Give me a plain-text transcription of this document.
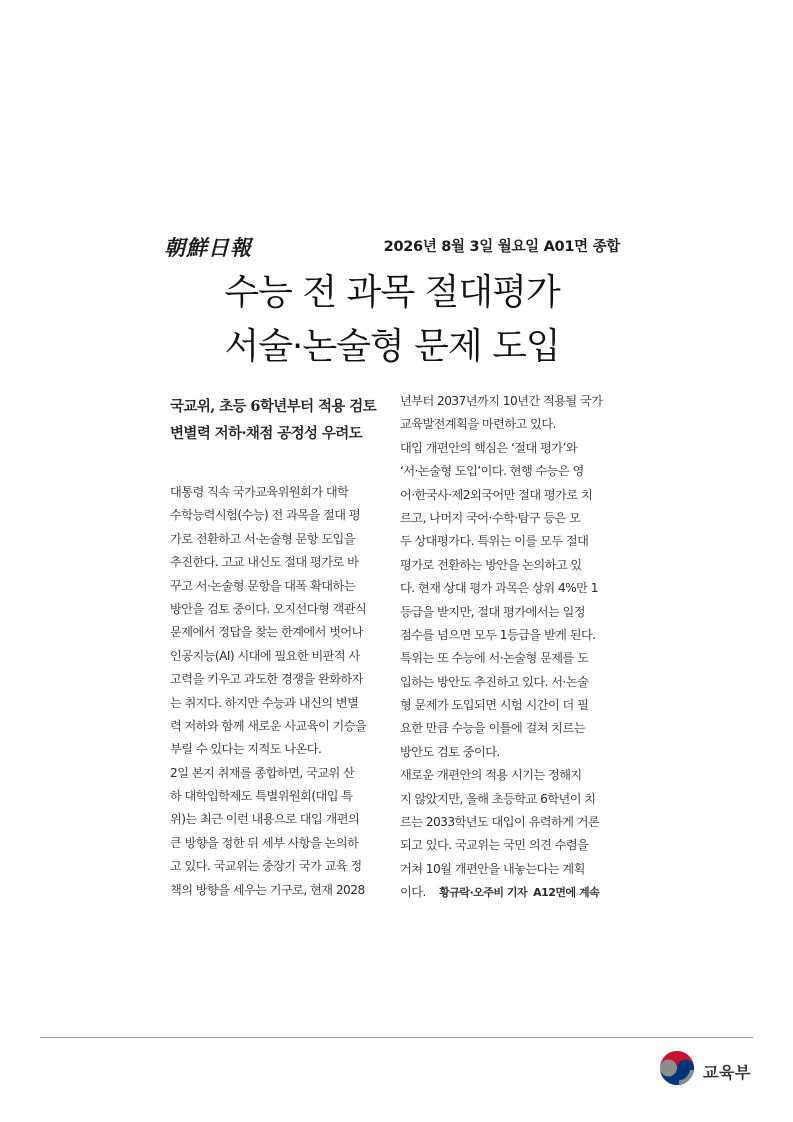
朝鮮日報	2026년 8월 3일 월요일 A01면 종합
수능 전 과목 절대평가
서술·논술형 문제 도입
국교위, 초등 6학년부터 적용 검토
변별력 저하·채점 공정성 우려도
대통령 직속 국가교육위원회가 대학
수학능력시험(수능) 전 과목을 절대 평
가로 전환하고 서·논술형 문항 도입을
추진한다. 고교 내신도 절대 평가로 바
꾸고 서·논술형 문항을 대폭 확대하는
방안을 검토 중이다. 오지선다형 객관식
문제에서 정답을 찾는 한계에서 벗어나
인공지능(AI) 시대에 필요한 비판적 사
고력을 키우고 과도한 경쟁을 완화하자
는 취지다. 하지만 수능과 내신의 변별
력 저하와 함께 새로운 사교육이 기승을
부릴 수 있다는 지적도 나온다.
2일 본지 취재를 종합하면, 국교위 산
하 대학입학제도 특별위원회(대입 특
위)는 최근 이런 내용으로 대입 개편의
큰 방향을 정한 뒤 세부 사항을 논의하
고 있다. 국교위는 중장기 국가 교육 정
책의 방향을 세우는 기구로, 현재 2028
년부터 2037년까지 10년간 적용될 국가
교육발전계획을 마련하고 있다.
대입 개편안의 핵심은 ‘절대 평가’와
‘서·논술형 도입’이다. 현행 수능은 영
어·한국사·제2외국어만 절대 평가로 치
르고, 나머지 국어·수학·탐구 등은 모
두 상대평가다. 특위는 이를 모두 절대
평가로 전환하는 방안을 논의하고 있
다. 현재 상대 평가 과목은 상위 4%만 1
등급을 받지만, 절대 평가에서는 일정
점수를 넘으면 모두 1등급을 받게 된다.
특위는 또 수능에 서·논술형 문제를 도
입하는 방안도 추진하고 있다. 서·논술
형 문제가 도입되면 시험 시간이 더 필
요한 만큼 수능을 이틀에 걸쳐 치르는
방안도 검토 중이다.
새로운 개편안의 적용 시기는 정해지
지 않았지만, 올해 초등학교 6학년이 치
르는 2033학년도 대입이 유력하게 거론
되고 있다. 국교위는 국민 의견 수렴을
거쳐 10월 개편안을 내놓는다는 계획
이다. 황규락·오주비 기자 A12면에 계속
교육부
